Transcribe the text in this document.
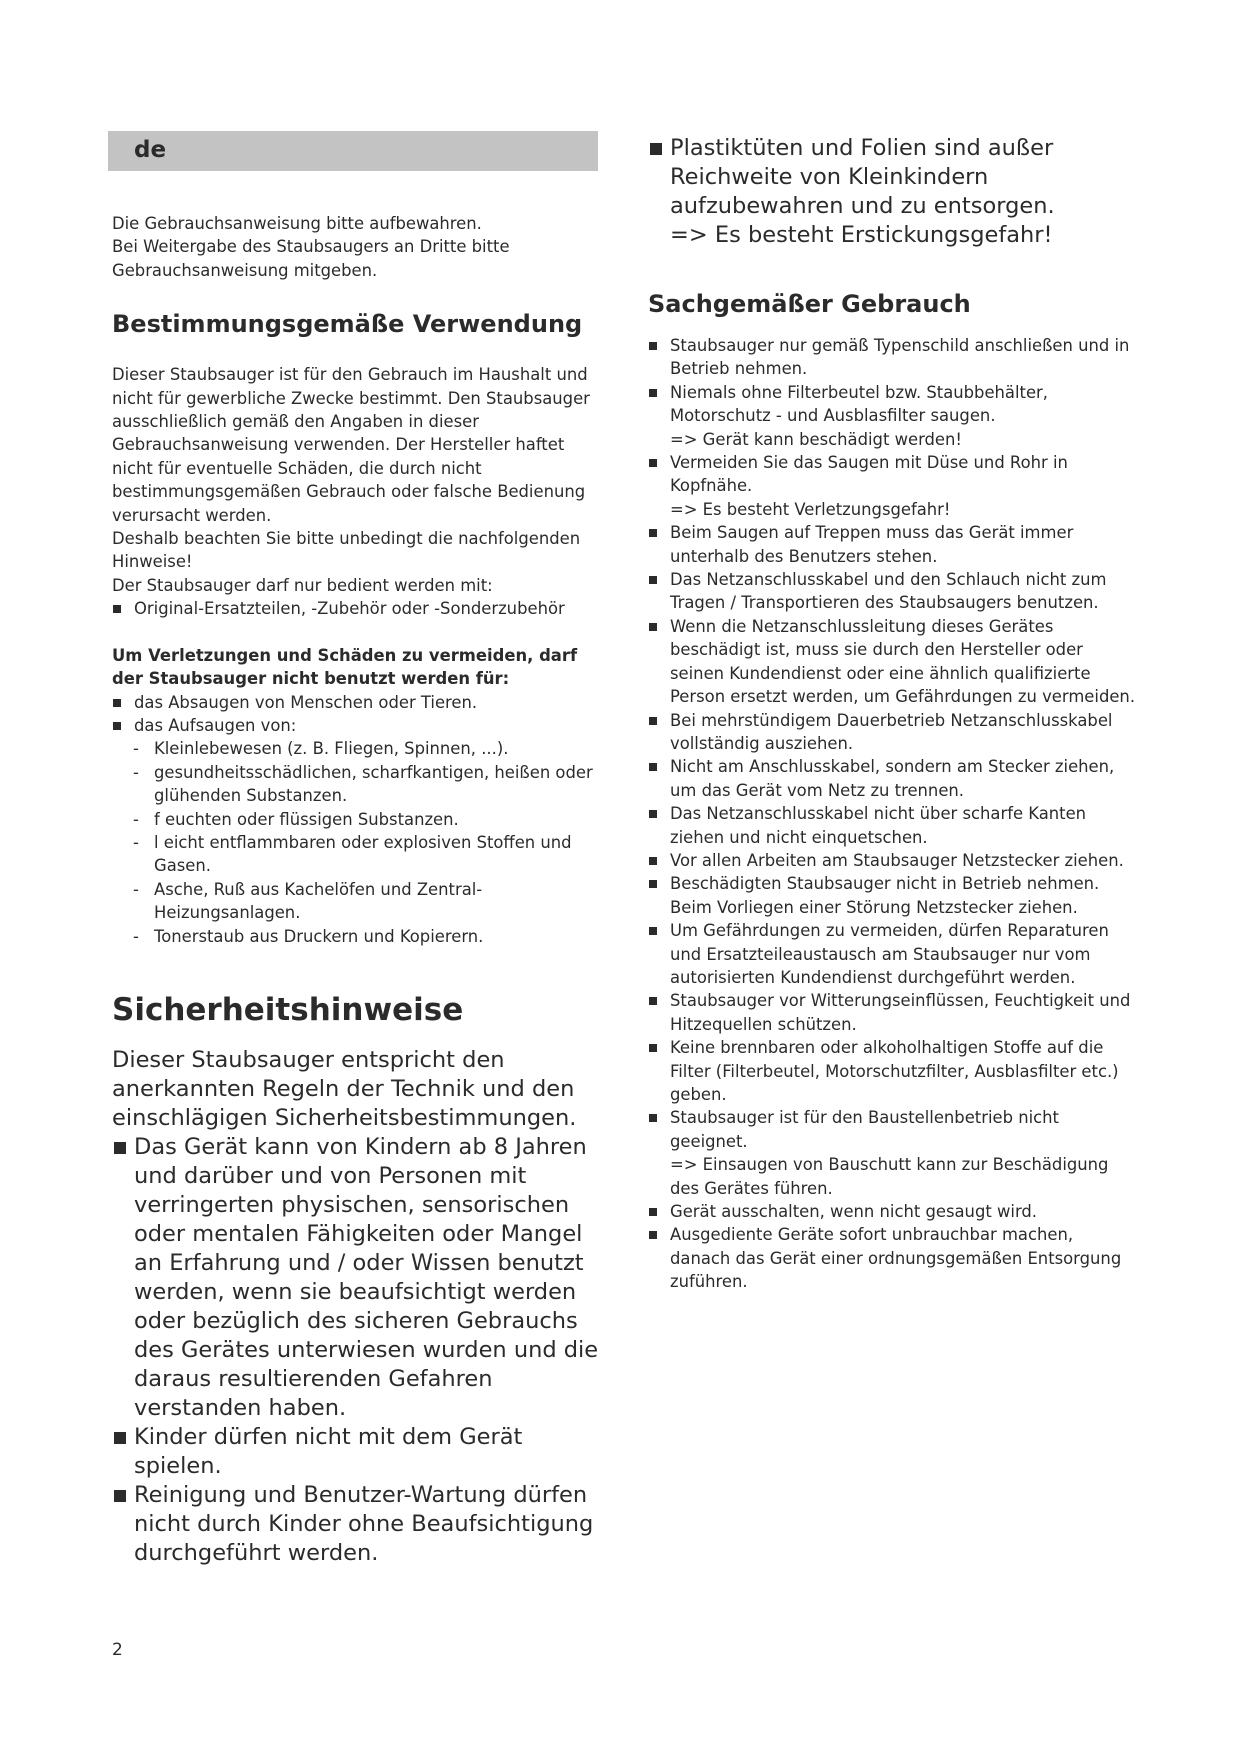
de

Die Gebrauchsanweisung bitte aufbewahren.

Bei Weitergabe des Staubsaugers an Dritte bitte

Gebrauchsanweisung mitgeben.

Bestimmungsgemäße Verwendung

Dieser Staubsauger ist für den Gebrauch im Haushalt und nicht für gewerbliche Zwecke bestimmt. Den Staubsauger ausschließlich gemäß den Angaben in dieser Gebrauchsanweisung verwenden. Der Hersteller haftet nicht für eventuelle Schäden, die durch nicht bestimmungsgemäßen Gebrauch oder falsche Bedienung verursacht werden.

Deshalb beachten Sie bitte unbedingt die nachfolgenden Hinweise!

Der Staubsauger darf nur bedient werden mit:

Original-Ersatzteilen, -Zubehör oder -Sonderzubehör

Um Verletzungen und Schäden zu vermeiden, darf der Staubsauger nicht benutzt werden für:

das Absaugen von Menschen oder Tieren.
das Aufsaugen von:
- Kleinlebewesen (z. B. Fliegen, Spinnen, ...).
- gesundheitsschädlichen, scharfkantigen, heißen oder glühenden Substanzen.
- f euchten oder flüssigen Substanzen.
- l eicht entflammbaren oder explosiven Stoffen und Gasen.
- Asche, Ruß aus Kachelöfen und Zentral-Heizungsanlagen.
- Tonerstaub aus Druckern und Kopierern.
Sicherheitshinweise

Dieser Staubsauger entspricht den anerkannten Regeln der Technik und den einschlägigen Sicherheitsbestimmungen.

Das Gerät kann von Kindern ab 8 Jahren und darüber und von Personen mit verringerten physischen, sensorischen oder mentalen Fähigkeiten oder Mangel an Erfahrung und / oder Wissen benutzt werden, wenn sie beaufsichtigt werden oder bezüglich des sicheren Gebrauchs des Gerätes unterwiesen wurden und die daraus resultierenden Gefahren verstanden haben.
Kinder dürfen nicht mit dem Gerät spielen.
Reinigung und Benutzer-Wartung dürfen nicht durch Kinder ohne Beaufsichtigung durchgeführt werden.
Plastiktüten und Folien sind außer Reichweite von Kleinkindern aufzubewahren und zu entsorgen.
=> Es besteht Erstickungsgefahr!
Sachgemäßer Gebrauch
Staubsauger nur gemäß Typenschild anschließen und in Betrieb nehmen.
Niemals ohne Filterbeutel bzw. Staubbehälter, Motorschutz - und Ausblasfilter saugen.
=> Gerät kann beschädigt werden!
Vermeiden Sie das Saugen mit Düse und Rohr in Kopfnähe.
=> Es besteht Verletzungsgefahr!
Beim Saugen auf Treppen muss das Gerät immer unterhalb des Benutzers stehen.
Das Netzanschlusskabel und den Schlauch nicht zum Tragen / Transportieren des Staubsaugers benutzen.
Wenn die Netzanschlussleitung dieses Gerätes beschädigt ist, muss sie durch den Hersteller oder seinen Kundendienst oder eine ähnlich qualifizierte Person ersetzt werden, um Gefährdungen zu vermeiden.
Bei mehrstündigem Dauerbetrieb Netzanschlusskabel vollständig ausziehen.
Nicht am Anschlusskabel, sondern am Stecker ziehen, um das Gerät vom Netz zu trennen.
Das Netzanschlusskabel nicht über scharfe Kanten ziehen und nicht einquetschen.
Vor allen Arbeiten am Staubsauger Netzstecker ziehen.
Beschädigten Staubsauger nicht in Betrieb nehmen. Beim Vorliegen einer Störung Netzstecker ziehen.
Um Gefährdungen zu vermeiden, dürfen Reparaturen und Ersatzteileaustausch am Staubsauger nur vom autorisierten Kundendienst durchgeführt werden.
Staubsauger vor Witterungseinflüssen, Feuchtigkeit und Hitzequellen schützen.
Keine brennbaren oder alkoholhaltigen Stoffe auf die Filter (Filterbeutel, Motorschutzfilter, Ausblasfilter etc.) geben.
Staubsauger ist für den Baustellenbetrieb nicht geeignet.
=> Einsaugen von Bauschutt kann zur Beschädigung des Gerätes führen.
Gerät ausschalten, wenn nicht gesaugt wird.
Ausgediente Geräte sofort unbrauchbar machen, danach das Gerät einer ordnungsgemäßen Entsorgung zuführen.
2
